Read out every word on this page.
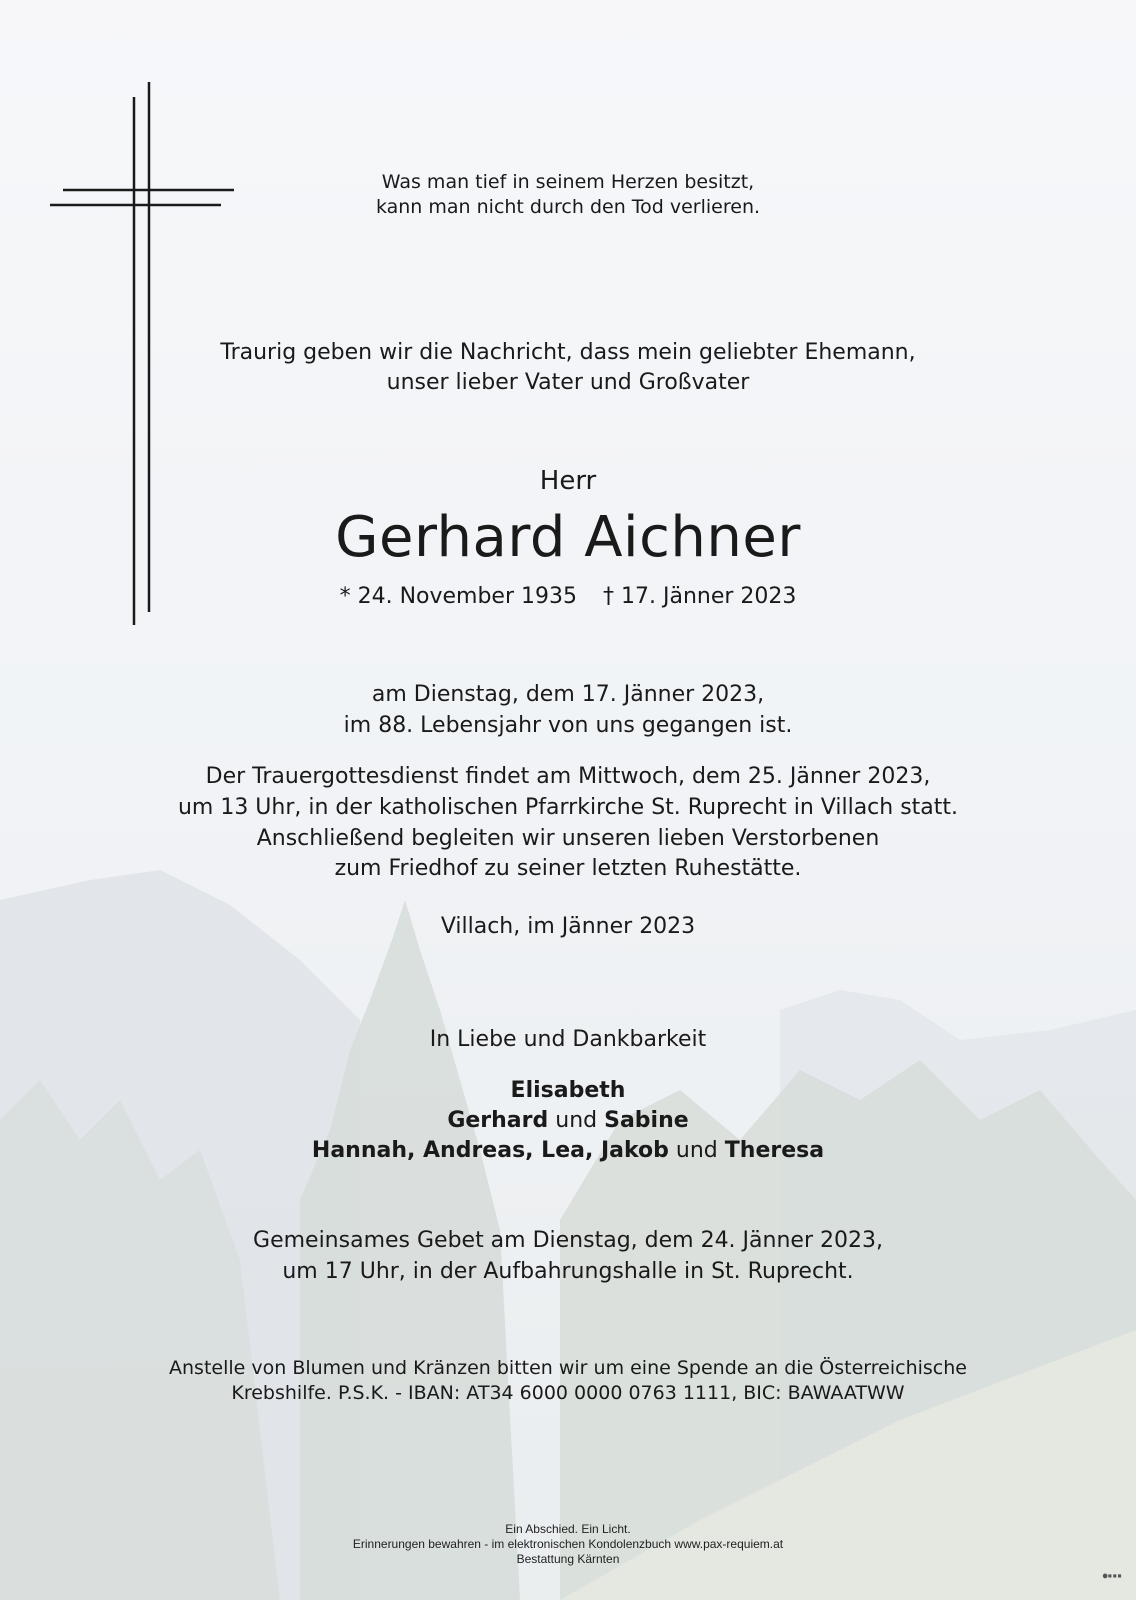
Was man tief in seinem Herzen besitzt,
kann man nicht durch den Tod verlieren.
Traurig geben wir die Nachricht, dass mein geliebter Ehemann,
unser lieber Vater und Großvater
Herr
Gerhard Aichner
* 24. November 1935 † 17. Jänner 2023
am Dienstag, dem 17. Jänner 2023,
im 88. Lebensjahr von uns gegangen ist.
Der Trauergottesdienst findet am Mittwoch, dem 25. Jänner 2023,
um 13 Uhr, in der katholischen Pfarrkirche St. Ruprecht in Villach statt.
Anschließend begleiten wir unseren lieben Verstorbenen
zum Friedhof zu seiner letzten Ruhestätte.
Villach, im Jänner 2023
In Liebe und Dankbarkeit
Elisabeth
Gerhard und Sabine
Hannah, Andreas, Lea, Jakob und Theresa
Gemeinsames Gebet am Dienstag, dem 24. Jänner 2023,
um 17 Uhr, in der Aufbahrungshalle in St. Ruprecht.
Anstelle von Blumen und Kränzen bitten wir um eine Spende an die Österreichische
Krebshilfe. P.S.K. - IBAN: AT34 6000 0000 0763 1111, BIC: BAWAATWW
Ein Abschied. Ein Licht.
Erinnerungen bewahren - im elektronischen Kondolenzbuch www.pax-requiem.at
Bestattung Kärnten
●▪▪▪
